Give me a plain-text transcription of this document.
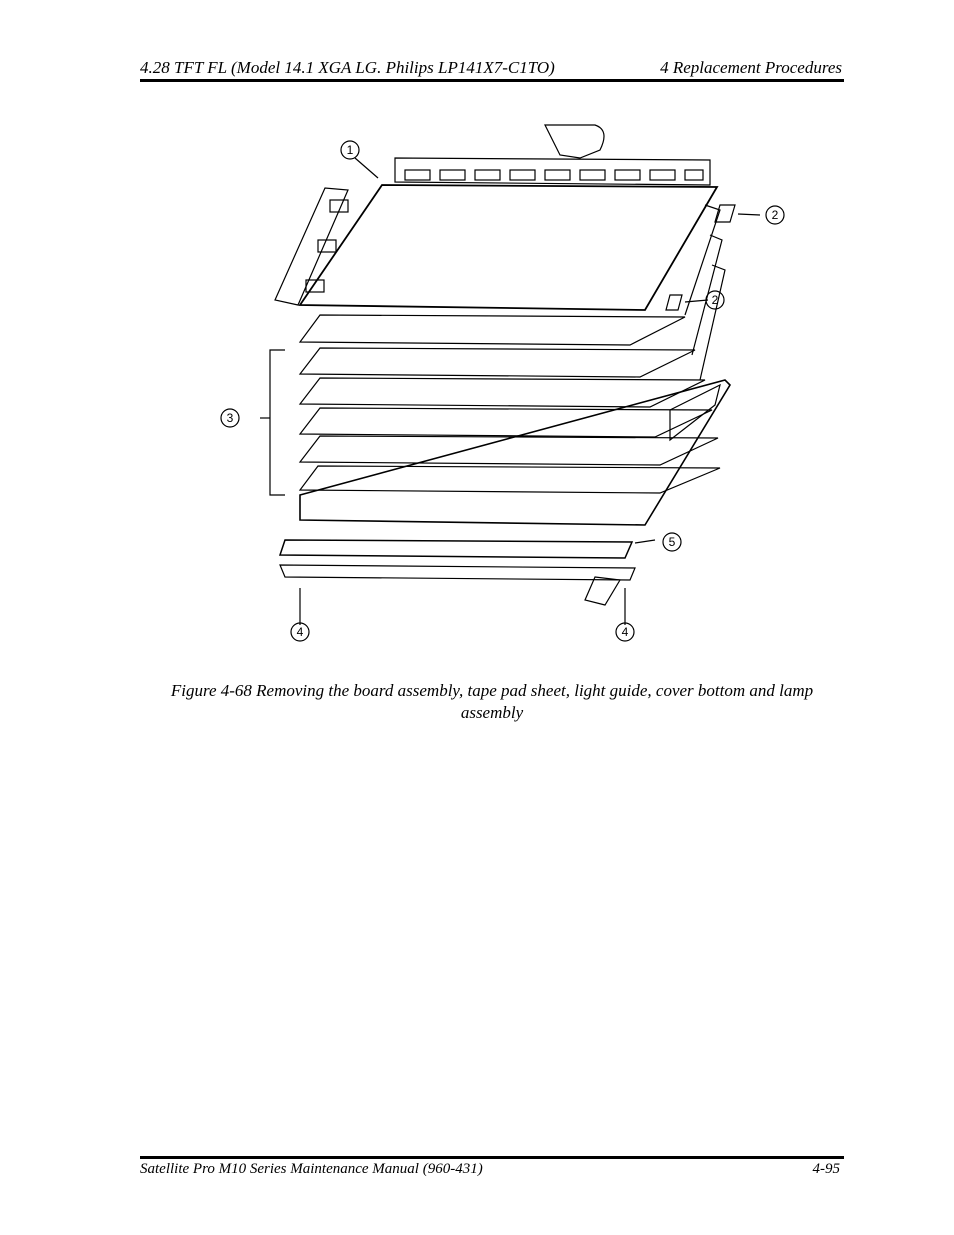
4.28 TFT FL (Model 14.1 XGA LG. Philips LP141X7-C1TO)	4 Replacement Procedures
1
2
2
3
4	4
5
Figure 4-68 Removing the board assembly, tape pad sheet, light guide, cover bottom and lamp assembly
Satellite Pro M10 Series Maintenance Manual (960-431)	4-95
